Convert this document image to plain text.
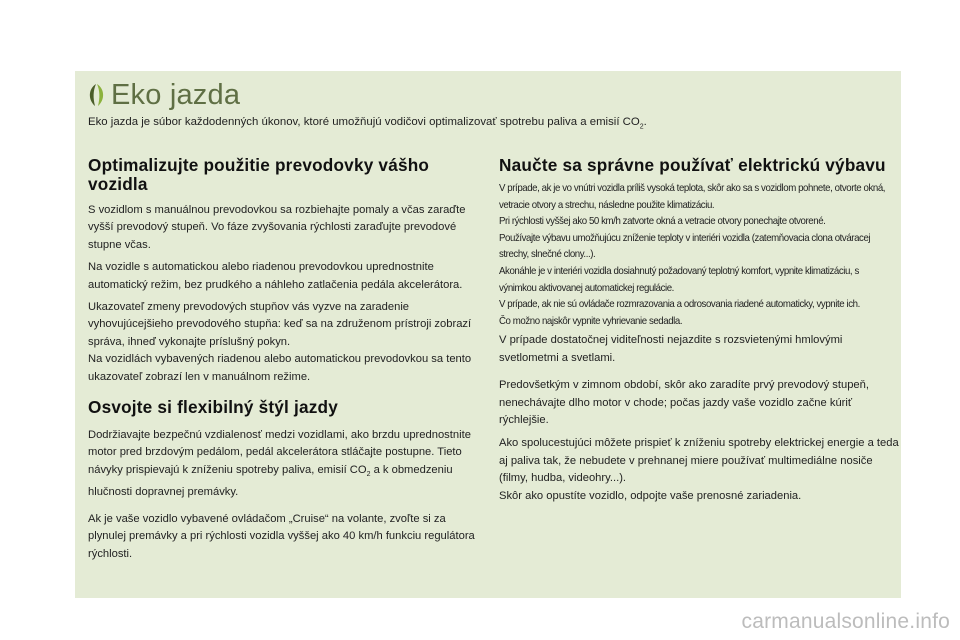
Eko jazda
Eko jazda je súbor každodenných úkonov, ktoré umožňujú vodičovi optimalizovať spotrebu paliva a emisií $CO_2$.
Optimalizujte použitie prevodovky vášho vozidla

S vozidlom s manuálnou prevodovkou sa rozbiehajte pomaly a včas zaraďte vyšší prevodový stupeň. Vo fáze zvyšovania rýchlosti zaraďujte prevodové stupne včas.

Na vozidle s automatickou alebo riadenou prevodovkou uprednostnite automatický režim, bez prudkého a náhleho zatlačenia pedála akcelerátora.

Ukazovateľ zmeny prevodových stupňov vás vyzve na zaradenie vyhovujúcejšieho prevodového stupňa: keď sa na združenom prístroji zobrazí správa, ihneď vykonajte príslušný pokyn.

Na vozidlách vybavených riadenou alebo automatickou prevodovkou sa tento ukazovateľ zobrazí len v manuálnom režime.

Osvojte si flexibilný štýl jazdy

Dodržiavajte bezpečnú vzdialenosť medzi vozidlami, ako brzdu uprednostnite motor pred brzdovým pedálom, pedál akcelerátora stláčajte postupne. Tieto návyky prispievajú k zníženiu spotreby paliva, emisií $CO_2$ a k obmedzeniu hlučnosti dopravnej premávky.

Ak je vaše vozidlo vybavené ovládačom „Cruise“ na volante, zvoľte si za plynulej premávky a pri rýchlosti vozidla vyššej ako 40 km/h funkciu regulátora rýchlosti.

Naučte sa správne používať elektrickú výbavu

V prípade, ak je vo vnútri vozidla príliš vysoká teplota, skôr ako sa s vozidlom pohnete, otvorte okná, vetracie otvory a strechu, následne použite klimatizáciu.

Pri rýchlosti vyššej ako 50 km/h zatvorte okná a vetracie otvory ponechajte otvorené.

Používajte výbavu umožňujúcu zníženie teploty v interiéri vozidla (zatemňovacia clona otváracej strechy, slnečné clony...).

Akonáhle je v interiéri vozidla dosiahnutý požadovaný teplotný komfort, vypnite klimatizáciu, s výnimkou aktivovanej automatickej regulácie.

V prípade, ak nie sú ovládače rozmrazovania a odrosovania riadené automaticky, vypnite ich.

Čo možno najskôr vypnite vyhrievanie sedadla.

V prípade dostatočnej viditeľnosti nejazdite s rozsvietenými hmlovými svetlometmi a svetlami.

Predovšetkým v zimnom období, skôr ako zaradíte prvý prevodový stupeň, nenechávajte dlho motor v chode; počas jazdy vaše vozidlo začne kúriť rýchlejšie.

Ako spolucestujúci môžete prispieť k zníženiu spotreby elektrickej energie a teda aj paliva tak, že nebudete v prehnanej miere používať multimediálne nosiče (filmy, hudba, videohry...).

Skôr ako opustíte vozidlo, odpojte vaše prenosné zariadenia.

carmanualsonline.info
